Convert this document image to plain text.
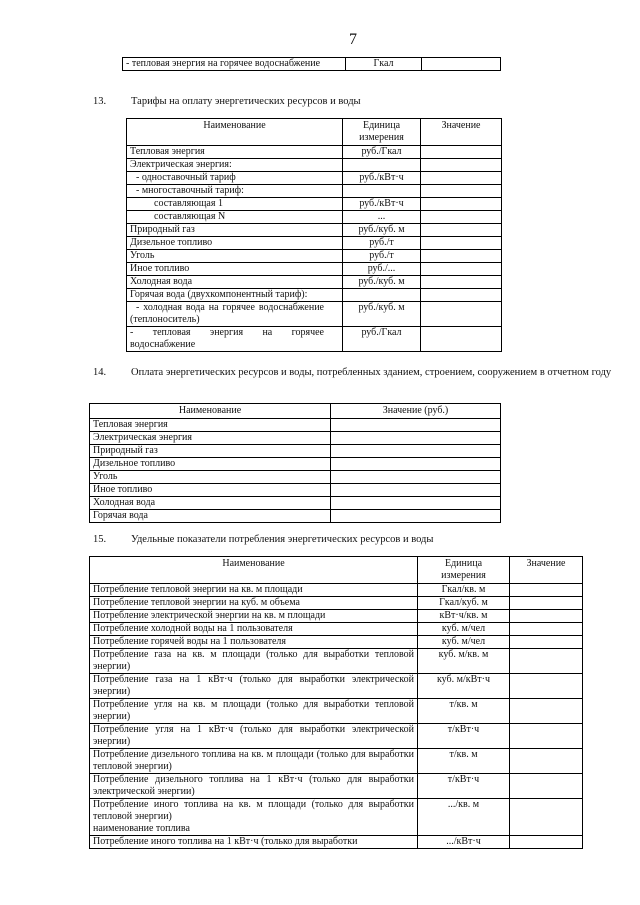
7
- тепловая энергия на горячее водоснабжение	Гкал	
13. Тарифы на оплату энергетических ресурсов и воды
Наименование	Единица измерения	Значение
Тепловая энергия	руб./Гкал	
Электрическая энергия:		
- одноставочный тариф	руб./кВт·ч	
- многоставочный тариф:		
составляющая 1	руб./кВт·ч	
составляющая N	...	
Природный газ	руб./куб. м	
Дизельное топливо	руб./т	
Уголь	руб./т	
Иное топливо	руб./...	
Холодная вода	руб./куб. м	
Горячая вода (двухкомпонентный тариф):		
- холодная вода на горячее водоснабжение (теплоноситель)	руб./куб. м	
- тепловая энергия на горячее водоснабжение	руб./Гкал	
14. Оплата энергетических ресурсов и воды, потребленных зданием, строением, сооружением в отчетном году
Наименование	Значение (руб.)
Тепловая энергия	
Электрическая энергия	
Природный газ	
Дизельное топливо	
Уголь	
Иное топливо	
Холодная вода	
Горячая вода	
15. Удельные показатели потребления энергетических ресурсов и воды
Наименование	Единица измерения	Значение
Потребление тепловой энергии на кв. м площади	Гкал/кв. м	
Потребление тепловой энергии на куб. м объема	Гкал/куб. м	
Потребление электрической энергии на кв. м площади	кВт·ч/кв. м	
Потребление холодной воды на 1 пользователя	куб. м/чел	
Потребление горячей воды на 1 пользователя	куб. м/чел	
Потребление газа на кв. м площади (только для выработки тепловой энергии)	куб. м/кв. м	
Потребление газа на 1 кВт·ч (только для выработки электрической энергии)	куб. м/кВт·ч	
Потребление угля на кв. м площади (только для выработки тепловой энергии)	т/кв. м	
Потребление угля на 1 кВт·ч (только для выработки электрической энергии)	т/кВт·ч	
Потребление дизельного топлива на кв. м площади (только для выработки тепловой энергии)	т/кв. м	
Потребление дизельного топлива на 1 кВт·ч (только для выработки электрической энергии)	т/кВт·ч	
Потребление иного топлива на кв. м площади (только для выработки тепловой энергии)
наименование топлива	.../кв. м	
Потребление иного топлива на 1 кВт·ч (только для выработки	.../кВт·ч	
